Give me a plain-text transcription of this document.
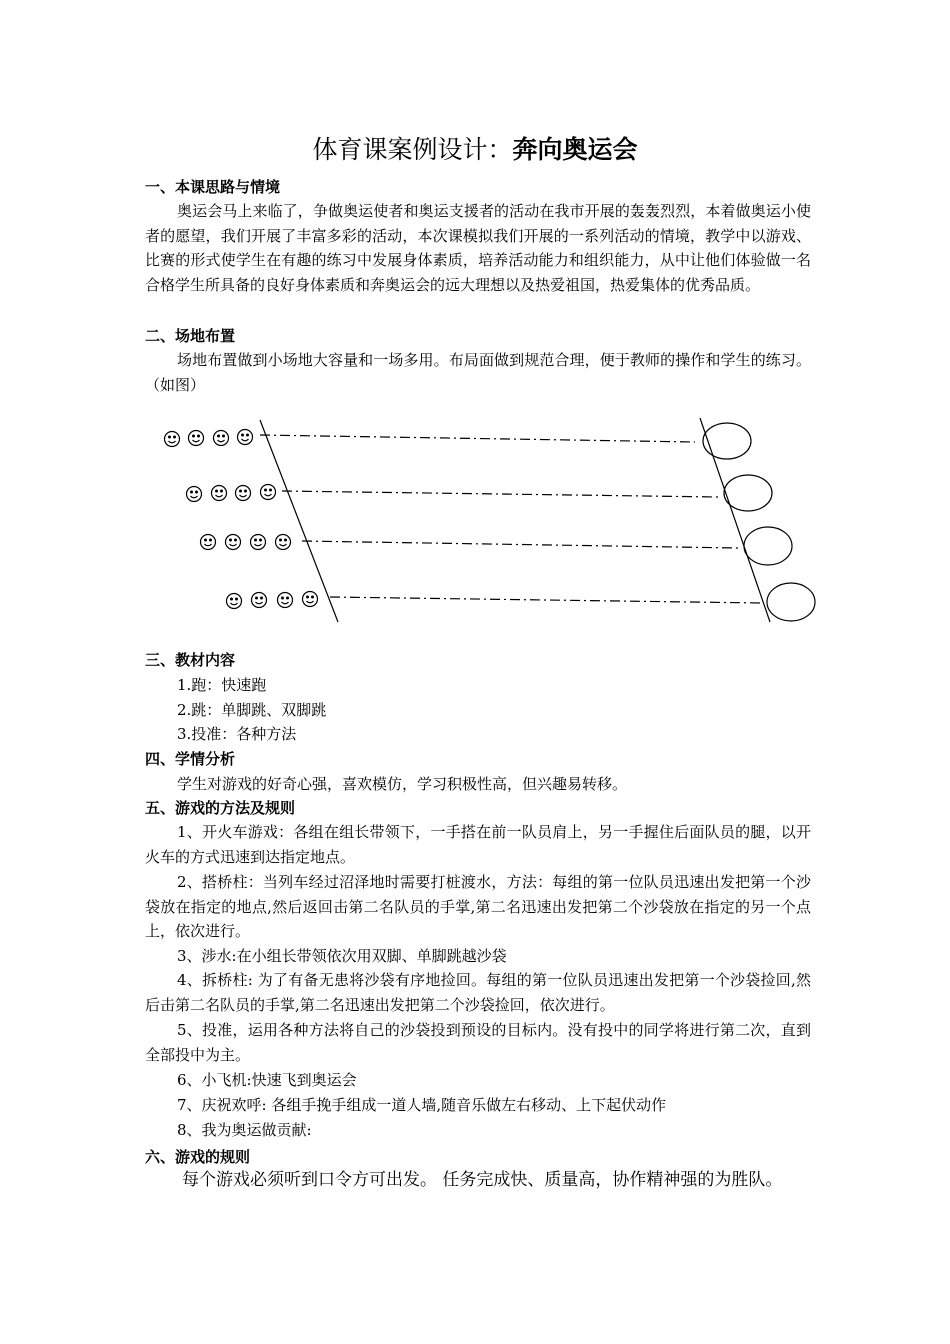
体育课案例设计：奔向奥运会
一、本课思路与情境

奥运会马上来临了，争做奥运使者和奥运支援者的活动在我市开展的轰轰烈烈，本着做奥运小使者的愿望，我们开展了丰富多彩的活动，本次课模拟我们开展的一系列活动的情境，教学中以游戏、比赛的形式使学生在有趣的练习中发展身体素质，培养活动能力和组织能力，从中让他们体验做一名合格学生所具备的良好身体素质和奔奥运会的远大理想以及热爱祖国，热爱集体的优秀品质。

二、场地布置

场地布置做到小场地大容量和一场多用。布局面做到规范合理，便于教师的操作和学生的练习。（如图）

三、教材内容

1.跑：快速跑

2.跳：单脚跳、双脚跳

3.投准：各种方法

四、学情分析

学生对游戏的好奇心强，喜欢模仿，学习积极性高，但兴趣易转移。

五、游戏的方法及规则

1、开火车游戏：各组在组长带领下，一手搭在前一队员肩上，另一手握住后面队员的腿，以开火车的方式迅速到达指定地点。

2、搭桥柱：当列车经过沼泽地时需要打桩渡水，方法：每组的第一位队员迅速出发把第一个沙袋放在指定的地点,然后返回击第二名队员的手掌,第二名迅速出发把第二个沙袋放在指定的另一个点上，依次进行。

3、涉水:在小组长带领依次用双脚、单脚跳越沙袋

4、拆桥柱: 为了有备无患将沙袋有序地捡回。每组的第一位队员迅速出发把第一个沙袋捡回,然后击第二名队员的手掌,第二名迅速出发把第二个沙袋捡回，依次进行。

5、投准，运用各种方法将自己的沙袋投到预设的目标内。没有投中的同学将进行第二次，直到全部投中为主。

6、小飞机:快速飞到奥运会

7、庆祝欢呼: 各组手挽手组成一道人墙,随音乐做左右移动、上下起伏动作

8、我为奥运做贡献:

六、游戏的规则

每个游戏必须听到口令方可出发。 任务完成快、质量高，协作精神强的为胜队。
